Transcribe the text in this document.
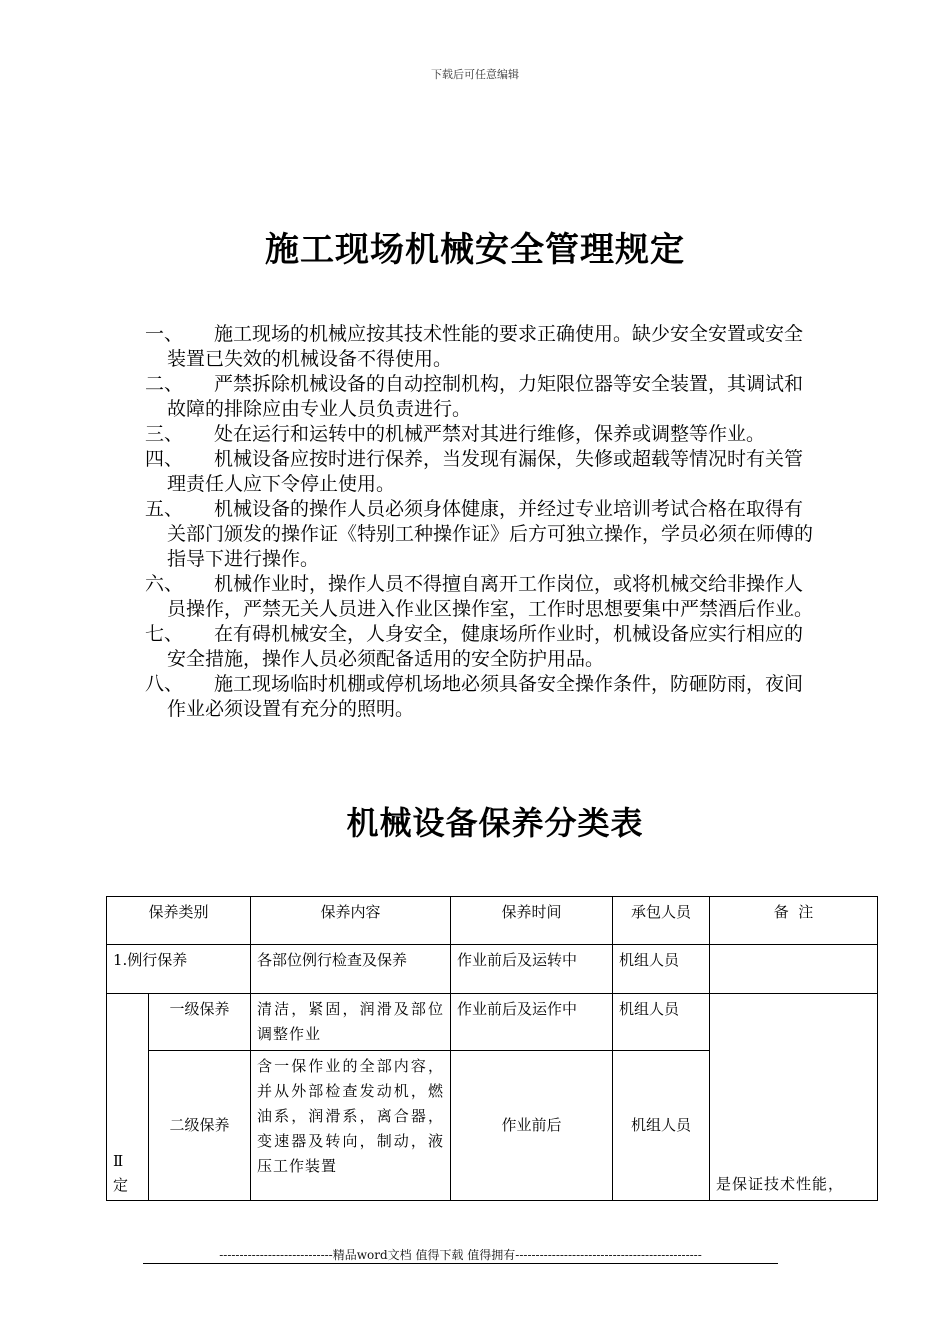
下载后可任意编辑
施工现场机械安全管理规定
一、	施工现场的机械应按其技术性能的要求正确使用。缺少安全安置或安全装置已失效的机械设备不得使用。
二、	严禁拆除机械设备的自动控制机构，力矩限位器等安全装置，其调试和故障的排除应由专业人员负责进行。
三、	处在运行和运转中的机械严禁对其进行维修，保养或调整等作业。
四、	机械设备应按时进行保养，当发现有漏保，失修或超载等情况时有关管理责任人应下令停止使用。
五、	机械设备的操作人员必须身体健康，并经过专业培训考试合格在取得有关部门颁发的操作证《特别工种操作证》后方可独立操作，学员必须在师傅的指导下进行操作。
六、	机械作业时，操作人员不得擅自离开工作岗位，或将机械交给非操作人员操作，严禁无关人员进入作业区操作室，工作时思想要集中严禁酒后作业。
七、	在有碍机械安全，人身安全，健康场所作业时，机械设备应实行相应的安全措施，操作人员必须配备适用的安全防护用品。
八、	施工现场临时机棚或停机场地必须具备安全操作条件，防砸防雨，夜间作业必须设置有充分的照明。
机械设备保养分类表
保养类别		保养内容	保养时间	承包人员	备  注
1.例行保养		各部位例行检查及保养	作业前后及运转中	机组人员	
Ⅱ
定	一级保养	清洁，紧固，润滑及部位调整作业	作业前后及运作中	机组人员	是保证技术性能，
	二级保养	含一保作业的全部内容，并从外部检查发动机，燃油系，润滑系，离合器，变速器及转向，制动，液压工作装置	作业前后	机组人员	
----------------------------精品word文档 值得下载 值得拥有----------------------------------------------
